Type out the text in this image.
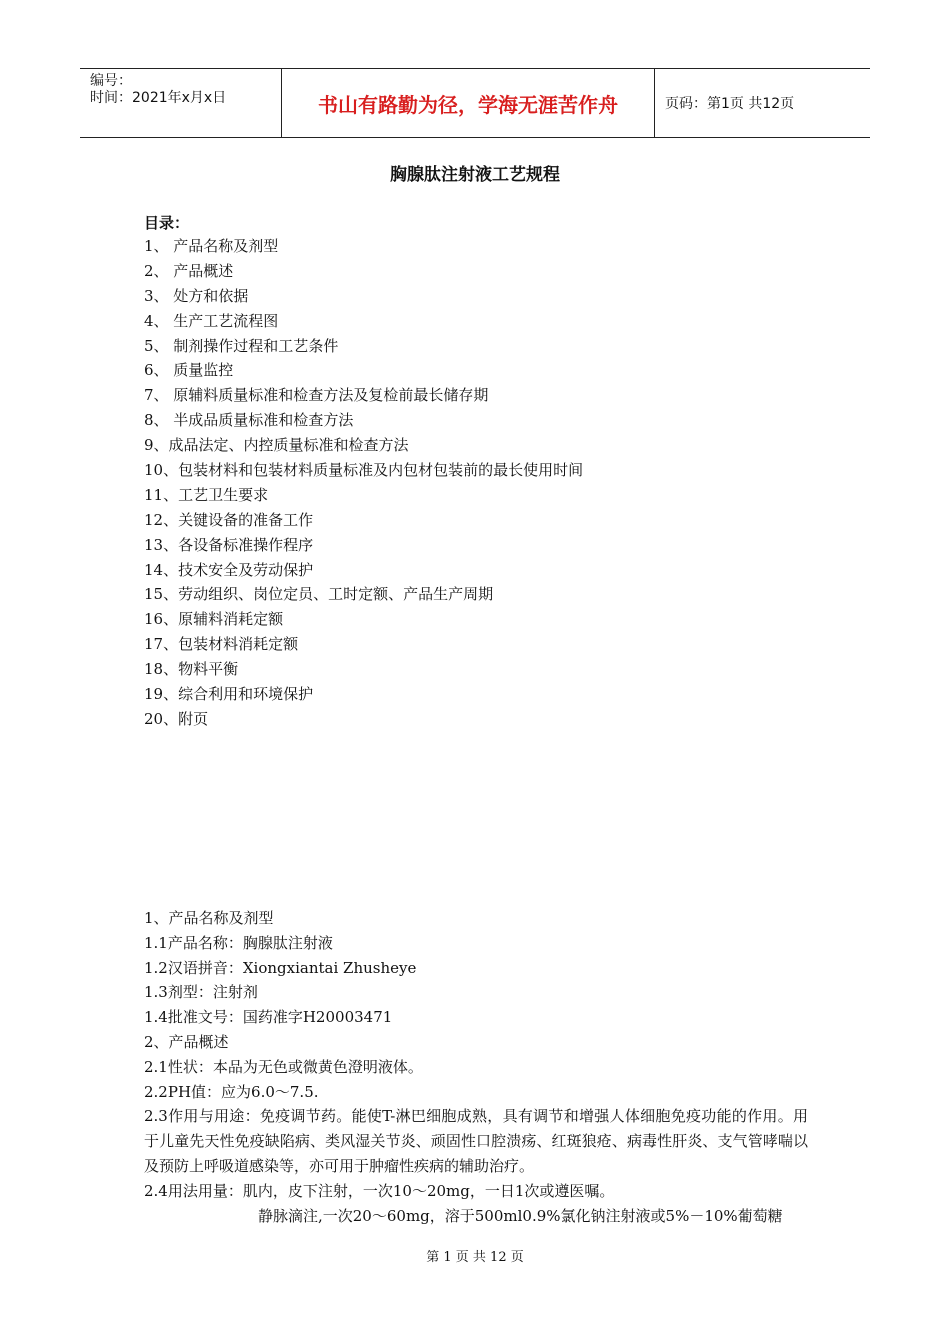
编号：
时间：2021年x月x日	书山有路勤为径，学海无涯苦作舟	页码：第1页 共12页
胸腺肽注射液工艺规程
目录：
1、 产品名称及剂型
2、 产品概述
3、 处方和依据
4、 生产工艺流程图
5、 制剂操作过程和工艺条件
6、 质量监控
7、 原辅料质量标准和检查方法及复检前最长储存期
8、 半成品质量标准和检查方法
9、成品法定、内控质量标准和检查方法
10、包装材料和包装材料质量标准及内包材包装前的最长使用时间
11、工艺卫生要求
12、关键设备的准备工作
13、各设备标准操作程序
14、技术安全及劳动保护
15、劳动组织、岗位定员、工时定额、产品生产周期
16、原辅料消耗定额
17、包装材料消耗定额
18、物料平衡
19、综合利用和环境保护
20、附页
1、产品名称及剂型
1.1产品名称：胸腺肽注射液
1.2汉语拼音：Xiongxiantai Zhusheye
1.3剂型：注射剂
1.4批准文号：国药准字H20003471
2、产品概述
2.1性状：本品为无色或微黄色澄明液体。
2.2PH值：应为6.0～7.5.
2.3作用与用途：免疫调节药。能使T-淋巴细胞成熟，具有调节和增强人体细胞免疫功能的作用。用于儿童先天性免疫缺陷病、类风湿关节炎、顽固性口腔溃疡、红斑狼疮、病毒性肝炎、支气管哮喘以及预防上呼吸道感染等，亦可用于肿瘤性疾病的辅助治疗。
2.4用法用量：肌内，皮下注射，一次10～20mg，一日1次或遵医嘱。
静脉滴注,一次20～60mg，溶于500ml0.9%氯化钠注射液或5%－10%葡萄糖
第 1 页 共 12 页
